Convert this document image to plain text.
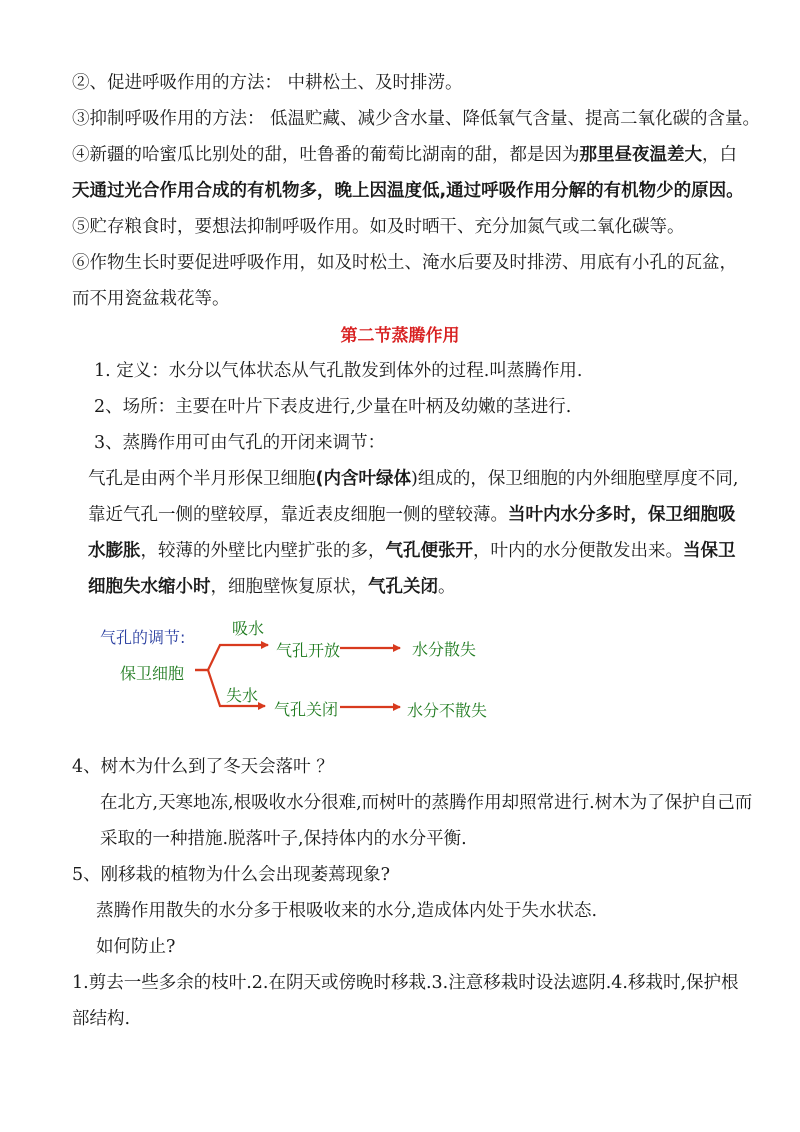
②、促进呼吸作用的方法： 中耕松土、及时排涝。
③抑制呼吸作用的方法： 低温贮藏、减少含水量、降低氧气含量、提高二氧化碳的含量。
④新疆的哈蜜瓜比别处的甜，吐鲁番的葡萄比湖南的甜，都是因为那里昼夜温差大，白
天通过光合作用合成的有机物多，晚上因温度低,通过呼吸作用分解的有机物少的原因。
⑤贮存粮食时，要想法抑制呼吸作用。如及时晒干、充分加氮气或二氧化碳等。
⑥作物生长时要促进呼吸作用，如及时松土、淹水后要及时排涝、用底有小孔的瓦盆，
而不用瓷盆栽花等。
第二节蒸腾作用
1. 定义：水分以气体状态从气孔散发到体外的过程.叫蒸腾作用.
2、场所：主要在叶片下表皮进行,少量在叶柄及幼嫩的茎进行.
3、蒸腾作用可由气孔的开闭来调节：
气孔是由两个半月形保卫细胞(内含叶绿体)组成的，保卫细胞的内外细胞壁厚度不同,
靠近气孔一侧的壁较厚，靠近表皮细胞一侧的壁较薄。当叶内水分多时，保卫细胞吸
水膨胀，较薄的外壁比内壁扩张的多，气孔便张开，叶内的水分便散发出来。当保卫
细胞失水缩小时，细胞壁恢复原状，气孔关闭。
气孔的调节:	吸水
气孔开放	水分散失
保卫细胞
失水
气孔关闭	水分不散失
4、树木为什么到了冬天会落叶 ？
在北方,天寒地冻,根吸收水分很难,而树叶的蒸腾作用却照常进行.树木为了保护自己而
采取的一种措施.脱落叶子,保持体内的水分平衡.
5、刚移栽的植物为什么会出现萎蔫现象?
蒸腾作用散失的水分多于根吸收来的水分,造成体内处于失水状态.
如何防止?
1.剪去一些多余的枝叶.2.在阴天或傍晚时移栽.3.注意移栽时设法遮阴.4.移栽时,保护根
部结构.
